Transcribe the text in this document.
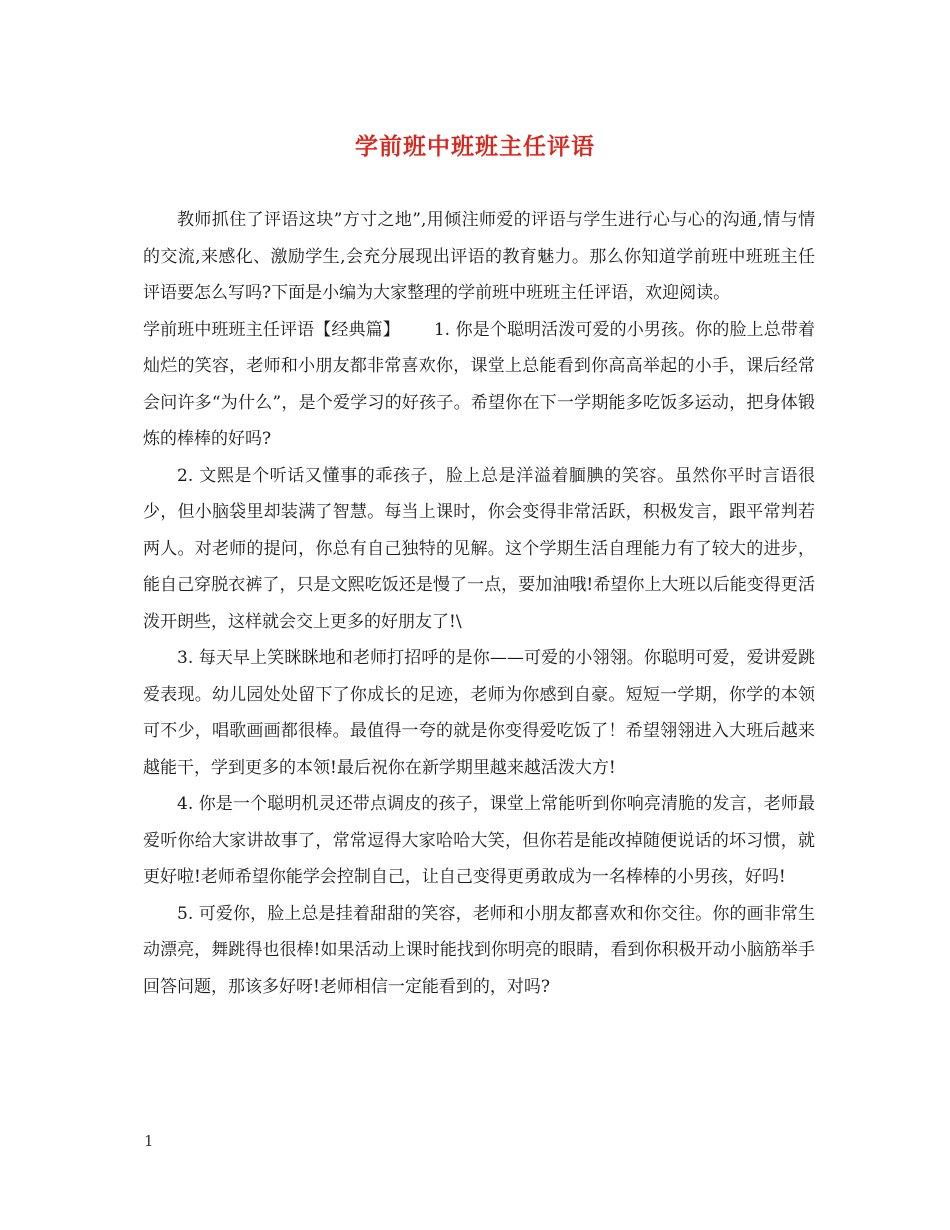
学前班中班班主任评语

教师抓住了评语这块”方寸之地”,用倾注师爱的评语与学生进行心与心的沟通,情与情的交流,来感化、激励学生,会充分展现出评语的教育魅力。那么你知道学前班中班班主任评语要怎么写吗?下面是小编为大家整理的学前班中班班主任评语，欢迎阅读。

学前班中班班主任评语【经典篇】 1. 你是个聪明活泼可爱的小男孩。你的脸上总带着灿烂的笑容，老师和小朋友都非常喜欢你，课堂上总能看到你高高举起的小手，课后经常会问许多“为什么”，是个爱学习的好孩子。希望你在下一学期能多吃饭多运动，把身体锻炼的棒棒的好吗?

2. 文熙是个听话又懂事的乖孩子，脸上总是洋溢着腼腆的笑容。虽然你平时言语很少，但小脑袋里却装满了智慧。每当上课时，你会变得非常活跃，积极发言，跟平常判若两人。对老师的提问，你总有自己独特的见解。这个学期生活自理能力有了较大的进步，能自己穿脱衣裤了，只是文熙吃饭还是慢了一点，要加油哦!希望你上大班以后能变得更活泼开朗些，这样就会交上更多的好朋友了!\

3. 每天早上笑眯眯地和老师打招呼的是你——可爱的小翎翎。你聪明可爱，爱讲爱跳爱表现。幼儿园处处留下了你成长的足迹，老师为你感到自豪。短短一学期，你学的本领可不少，唱歌画画都很棒。最值得一夸的就是你变得爱吃饭了！希望翎翎进入大班后越来越能干，学到更多的本领!最后祝你在新学期里越来越活泼大方!

4. 你是一个聪明机灵还带点调皮的孩子，课堂上常能听到你响亮清脆的发言，老师最爱听你给大家讲故事了，常常逗得大家哈哈大笑，但你若是能改掉随便说话的坏习惯，就更好啦!老师希望你能学会控制自己，让自己变得更勇敢成为一名棒棒的小男孩，好吗!

5. 可爱你，脸上总是挂着甜甜的笑容，老师和小朋友都喜欢和你交往。你的画非常生动漂亮，舞跳得也很棒!如果活动上课时能找到你明亮的眼睛，看到你积极开动小脑筋举手回答问题，那该多好呀!老师相信一定能看到的，对吗?

1
